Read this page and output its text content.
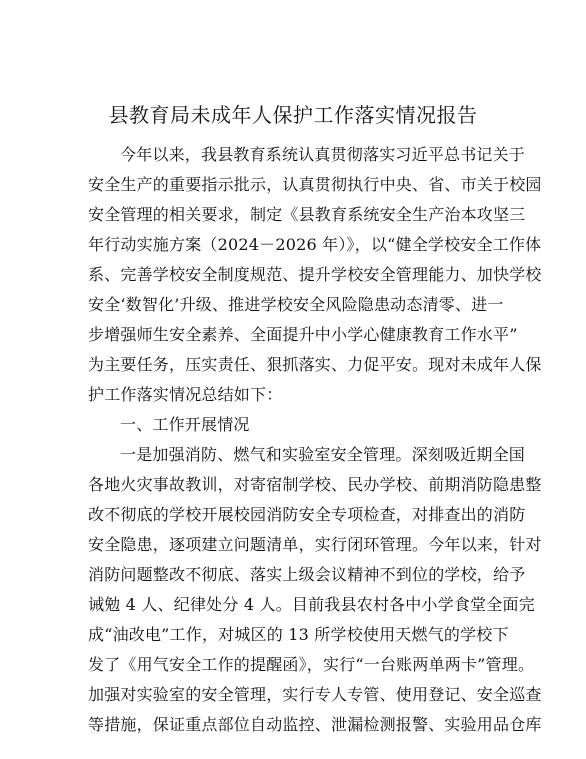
县教育局未成年人保护工作落实情况报告
今年以来，我县教育系统认真贯彻落实习近平总书记关于
安全生产的重要指示批示，认真贯彻执行中央、省、市关于校园
安全管理的相关要求，制定《县教育系统安全生产治本攻坚三
年行动实施方案（2024－2026 年）》，以“健全学校安全工作体
系、完善学校安全制度规范、提升学校安全管理能力、加快学校
安全‘数智化’升级、推进学校安全风险隐患动态清零、进一
步增强师生安全素养、全面提升中小学心健康教育工作水平”
为主要任务，压实责任、狠抓落实、力促平安。现对未成年人保
护工作落实情况总结如下：
一、工作开展情况
一是加强消防、燃气和实验室安全管理。深刻吸近期全国
各地火灾事故教训，对寄宿制学校、民办学校、前期消防隐患整
改不彻底的学校开展校园消防安全专项检查，对排查出的消防
安全隐患，逐项建立问题清单，实行闭环管理。今年以来，针对
消防问题整改不彻底、落实上级会议精神不到位的学校，给予
诫勉 4 人、纪律处分 4 人。目前我县农村各中小学食堂全面完
成“油改电”工作，对城区的 13 所学校使用天燃气的学校下
发了《用气安全工作的提醒函》，实行“一台账两单两卡”管理。
加强对实验室的安全管理，实行专人专管、使用登记、安全巡查
等措施，保证重点部位自动监控、泄漏检测报警、实验用品仓库
